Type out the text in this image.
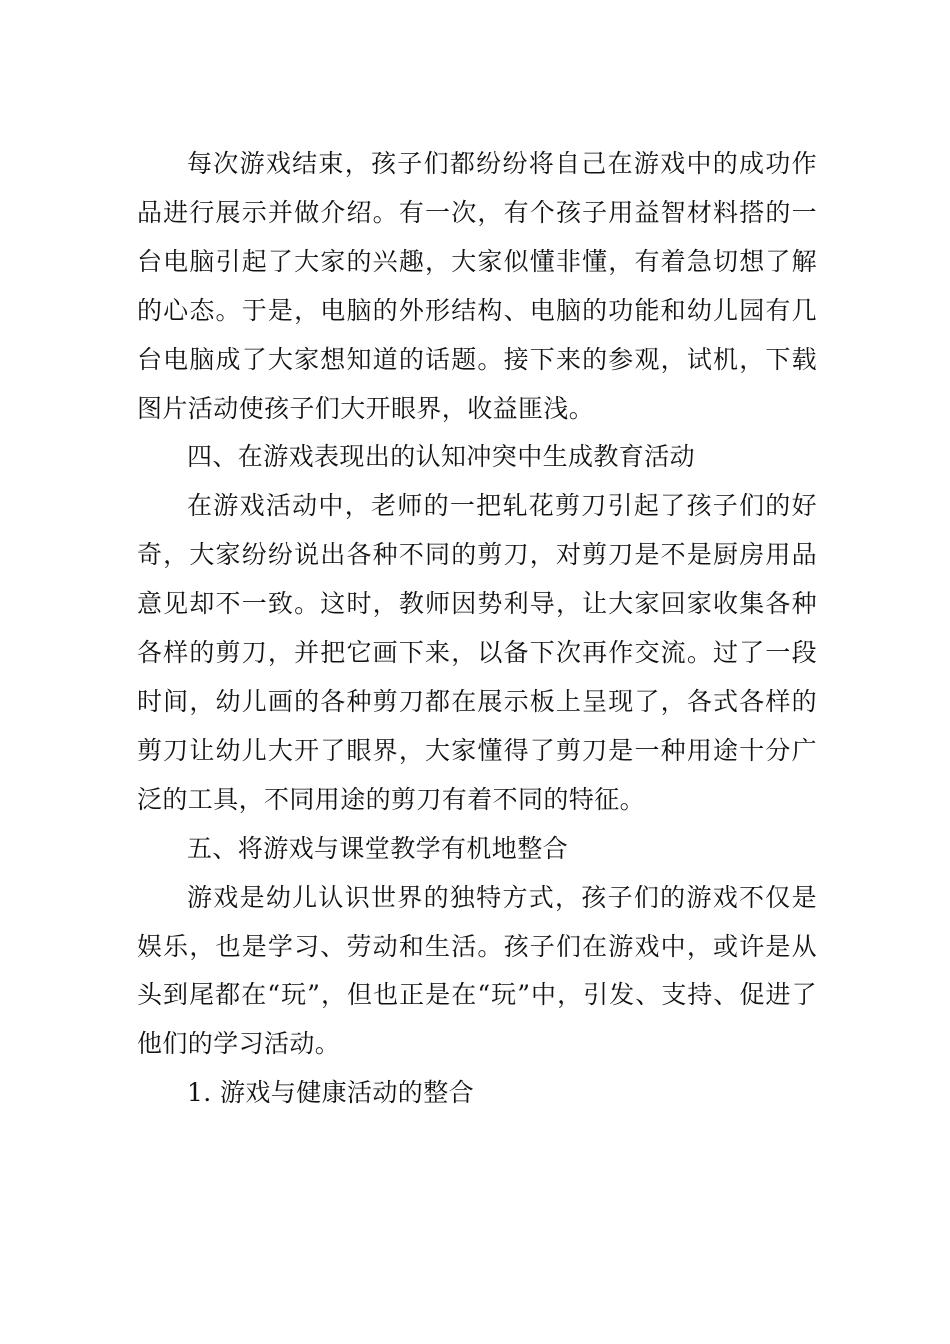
每次游戏结束，孩子们都纷纷将自己在游戏中的成功作品进行展示并做介绍。有一次，有个孩子用益智材料搭的一台电脑引起了大家的兴趣，大家似懂非懂，有着急切想了解的心态。于是，电脑的外形结构、电脑的功能和幼儿园有几台电脑成了大家想知道的话题。接下来的参观，试机，下载图片活动使孩子们大开眼界，收益匪浅。

四、在游戏表现出的认知冲突中生成教育活动

在游戏活动中，老师的一把轧花剪刀引起了孩子们的好奇，大家纷纷说出各种不同的剪刀，对剪刀是不是厨房用品意见却不一致。这时，教师因势利导，让大家回家收集各种各样的剪刀，并把它画下来，以备下次再作交流。过了一段时间，幼儿画的各种剪刀都在展示板上呈现了，各式各样的剪刀让幼儿大开了眼界，大家懂得了剪刀是一种用途十分广泛的工具，不同用途的剪刀有着不同的特征。

五、将游戏与课堂教学有机地整合

游戏是幼儿认识世界的独特方式，孩子们的游戏不仅是娱乐，也是学习、劳动和生活。孩子们在游戏中，或许是从头到尾都在“玩”，但也正是在“玩”中，引发、支持、促进了他们的学习活动。

1. 游戏与健康活动的整合
